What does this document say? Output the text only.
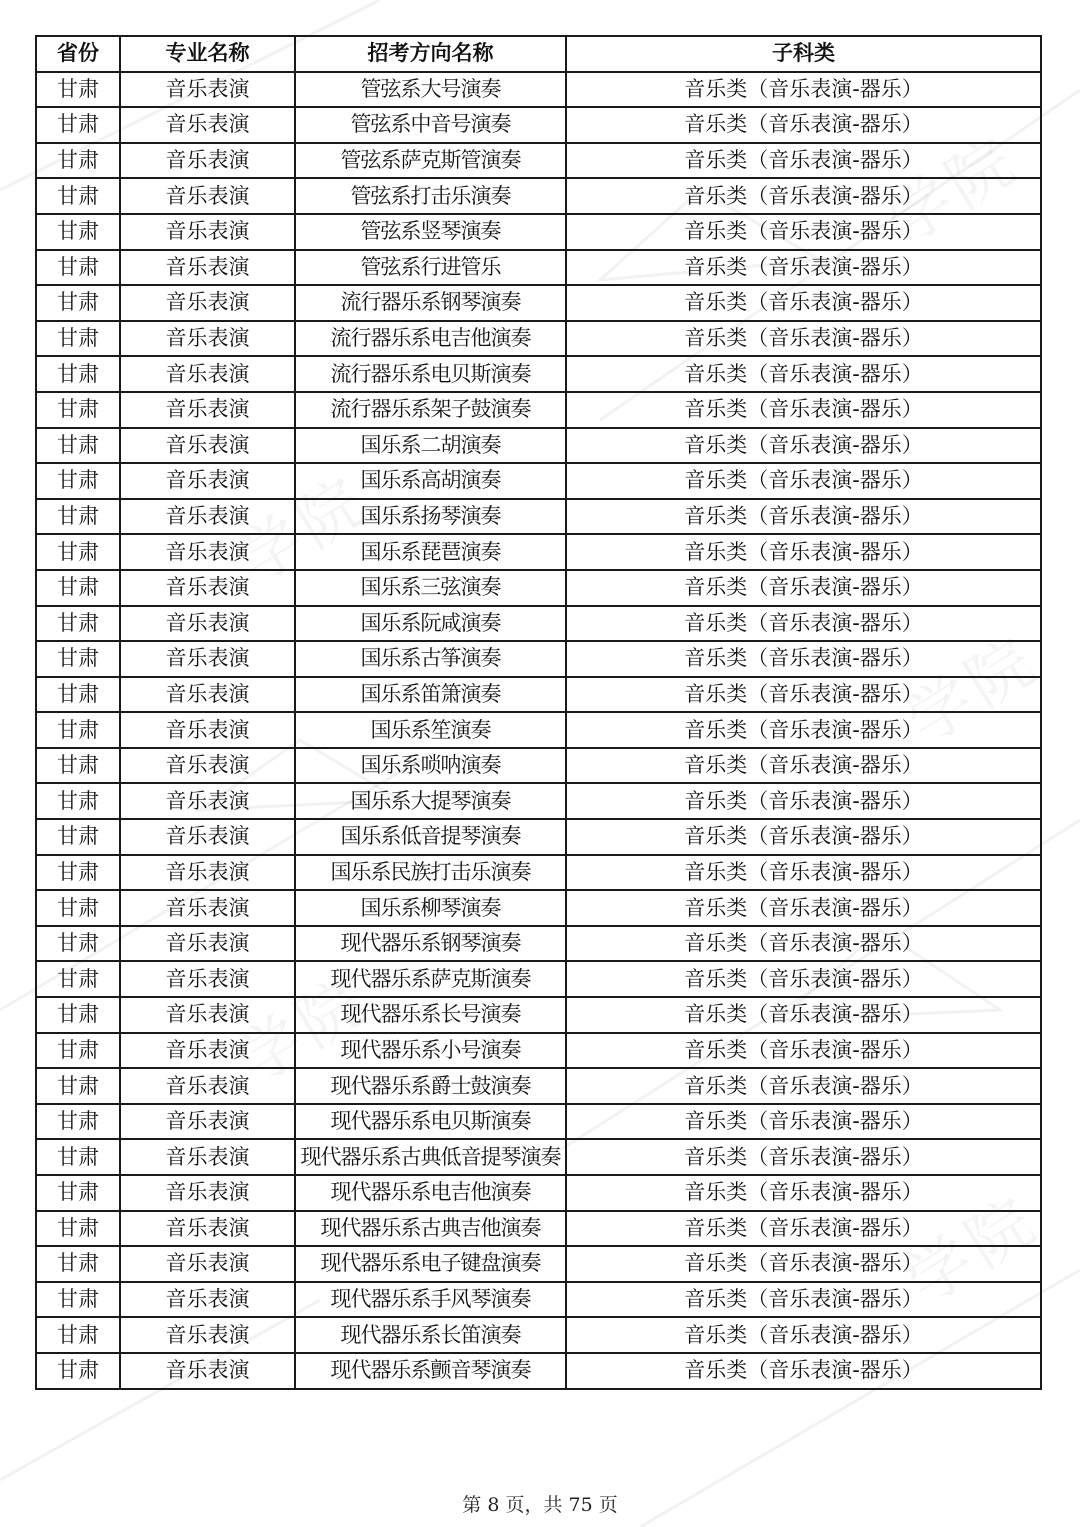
省份	专业名称	招考方向名称	子科类
甘肃	音乐表演	管弦系大号演奏	音乐类（音乐表演-器乐）
甘肃	音乐表演	管弦系中音号演奏	音乐类（音乐表演-器乐）
甘肃	音乐表演	管弦系萨克斯管演奏	音乐类（音乐表演-器乐）
甘肃	音乐表演	管弦系打击乐演奏	音乐类（音乐表演-器乐）
甘肃	音乐表演	管弦系竖琴演奏	音乐类（音乐表演-器乐）
甘肃	音乐表演	管弦系行进管乐	音乐类（音乐表演-器乐）
甘肃	音乐表演	流行器乐系钢琴演奏	音乐类（音乐表演-器乐）
甘肃	音乐表演	流行器乐系电吉他演奏	音乐类（音乐表演-器乐）
甘肃	音乐表演	流行器乐系电贝斯演奏	音乐类（音乐表演-器乐）
甘肃	音乐表演	流行器乐系架子鼓演奏	音乐类（音乐表演-器乐）
甘肃	音乐表演	国乐系二胡演奏	音乐类（音乐表演-器乐）
甘肃	音乐表演	国乐系高胡演奏	音乐类（音乐表演-器乐）
甘肃	音乐表演	国乐系扬琴演奏	音乐类（音乐表演-器乐）
甘肃	音乐表演	国乐系琵琶演奏	音乐类（音乐表演-器乐）
甘肃	音乐表演	国乐系三弦演奏	音乐类（音乐表演-器乐）
甘肃	音乐表演	国乐系阮咸演奏	音乐类（音乐表演-器乐）
甘肃	音乐表演	国乐系古筝演奏	音乐类（音乐表演-器乐）
甘肃	音乐表演	国乐系笛箫演奏	音乐类（音乐表演-器乐）
甘肃	音乐表演	国乐系笙演奏	音乐类（音乐表演-器乐）
甘肃	音乐表演	国乐系唢呐演奏	音乐类（音乐表演-器乐）
甘肃	音乐表演	国乐系大提琴演奏	音乐类（音乐表演-器乐）
甘肃	音乐表演	国乐系低音提琴演奏	音乐类（音乐表演-器乐）
甘肃	音乐表演	国乐系民族打击乐演奏	音乐类（音乐表演-器乐）
甘肃	音乐表演	国乐系柳琴演奏	音乐类（音乐表演-器乐）
甘肃	音乐表演	现代器乐系钢琴演奏	音乐类（音乐表演-器乐）
甘肃	音乐表演	现代器乐系萨克斯演奏	音乐类（音乐表演-器乐）
甘肃	音乐表演	现代器乐系长号演奏	音乐类（音乐表演-器乐）
甘肃	音乐表演	现代器乐系小号演奏	音乐类（音乐表演-器乐）
甘肃	音乐表演	现代器乐系爵士鼓演奏	音乐类（音乐表演-器乐）
甘肃	音乐表演	现代器乐系电贝斯演奏	音乐类（音乐表演-器乐）
甘肃	音乐表演	现代器乐系古典低音提琴演奏	音乐类（音乐表演-器乐）
甘肃	音乐表演	现代器乐系电吉他演奏	音乐类（音乐表演-器乐）
甘肃	音乐表演	现代器乐系古典吉他演奏	音乐类（音乐表演-器乐）
甘肃	音乐表演	现代器乐系电子键盘演奏	音乐类（音乐表演-器乐）
甘肃	音乐表演	现代器乐系手风琴演奏	音乐类（音乐表演-器乐）
甘肃	音乐表演	现代器乐系长笛演奏	音乐类（音乐表演-器乐）
甘肃	音乐表演	现代器乐系颤音琴演奏	音乐类（音乐表演-器乐）
第 8 页，共 75 页
